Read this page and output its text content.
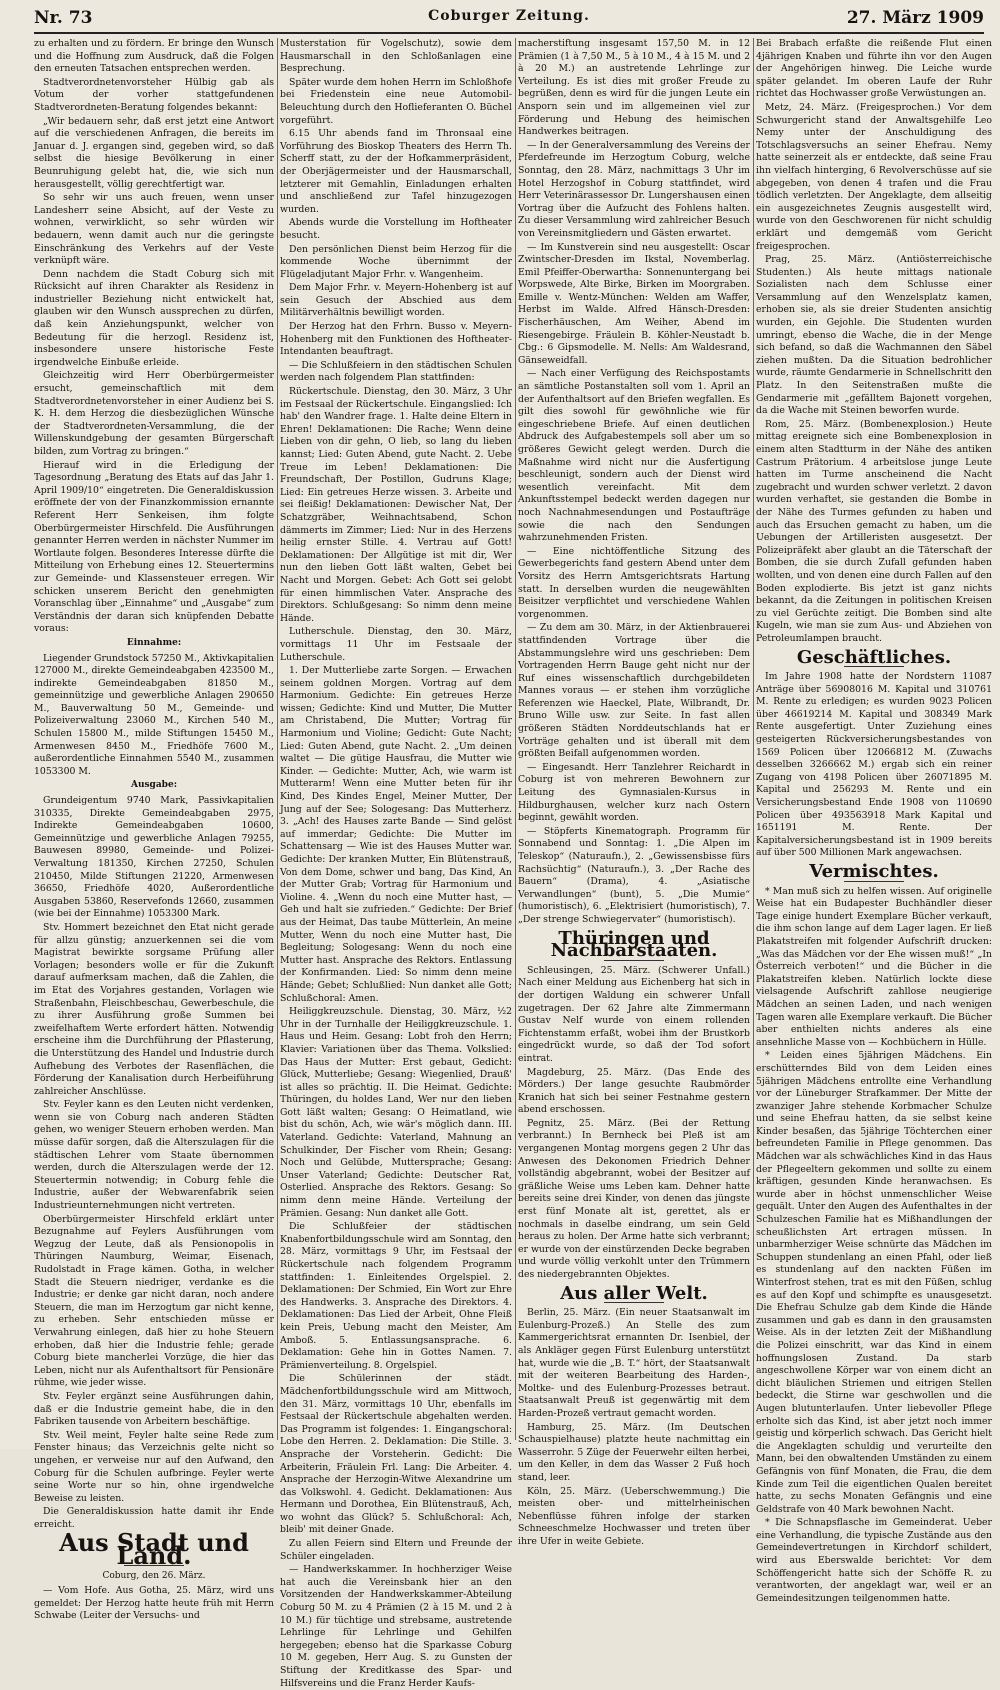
Nr. 73	Coburger Zeitung.	27. März 1909

zu erhalten und zu fördern. Er bringe den Wunsch und die Hoffnung zum Ausdruck, daß die Folgen den erneuten Tatsachen entsprechen werden.

Stadtverordnetenvorsteher Hülbig gab als Votum der vorher stattgefundenen Stadtverordneten-Beratung folgendes bekannt:

„Wir bedauern sehr, daß erst jetzt eine Antwort auf die verschiedenen Anfragen, die bereits im Januar d. J. ergangen sind, gegeben wird, so daß selbst die hiesige Bevölkerung in einer Beunruhigung gelebt hat, die, wie sich nun herausgestellt, völlig gerechtfertigt war.

So sehr wir uns auch freuen, wenn unser Landesherr seine Absicht, auf der Veste zu wohnen, verwirklicht, so sehr würden wir bedauern, wenn damit auch nur die geringste Einschränkung des Verkehrs auf der Veste verknüpft wäre.

Denn nachdem die Stadt Coburg sich mit Rücksicht auf ihren Charakter als Residenz in industrieller Beziehung nicht entwickelt hat, glauben wir den Wunsch aussprechen zu dürfen, daß kein Anziehungspunkt, welcher von Bedeutung für die herzogl. Residenz ist, insbesondere unsere historische Feste irgendwelche Einbuße erleide.

Gleichzeitig wird Herr Oberbürgermeister ersucht, gemeinschaftlich mit dem Stadtverordnetenvorsteher in einer Audienz bei S. K. H. dem Herzog die diesbezüglichen Wünsche der Stadtverordneten-Versammlung, die der Willenskundgebung der gesamten Bürgerschaft bilden, zum Vortrag zu bringen.“

Hierauf wird in die Erledigung der Tagesordnung „Beratung des Etats auf das Jahr 1. April 1909/10“ eingetreten. Die Generaldiskussion eröffnete der von der Finanzkommission ernannte Referent Herr Senkeisen, ihm folgte Oberbürgermeister Hirschfeld. Die Ausführungen genannter Herren werden in nächster Nummer im Wortlaute folgen. Besonderes Interesse dürfte die Mitteilung von Erhebung eines 12. Steuertermins zur Gemeinde- und Klassensteuer erregen. Wir schicken unserem Bericht den genehmigten Voranschlag über „Einnahme“ und „Ausgabe“ zum Verständnis der daran sich knüpfenden Debatte voraus:

Einnahme:

Liegender Grundstock 57250 M., Aktivkapitalien 127000 M., direkte Gemeindeabgaben 423500 M., indirekte Gemeindeabgaben 81850 M., gemeinnützige und gewerbliche Anlagen 290650 M., Bauverwaltung 50 M., Gemeinde- und Polizeiverwaltung 23060 M., Kirchen 540 M., Schulen 15800 M., milde Stiftungen 15450 M., Armenwesen 8450 M., Friedhöfe 7600 M., außerordentliche Einnahmen 5540 M., zusammen 1053300 M.

Ausgabe:

Grundeigentum 9740 Mark, Passivkapitalien 310335, Direkte Gemeindeabgaben 2975, Indirekte Gemeindeabgaben 10600, Gemeinnützige und gewerbliche Anlagen 79255, Bauwesen 89980, Gemeinde- und Polizei-Verwaltung 181350, Kirchen 27250, Schulen 210450, Milde Stiftungen 21220, Armenwesen 36650, Friedhöfe 4020, Außerordentliche Ausgaben 53860, Reservefonds 12660, zusammen (wie bei der Einnahme) 1053300 Mark.

Stv. Hommert bezeichnet den Etat nicht gerade für allzu günstig; anzuerkennen sei die vom Magistrat bewirkte sorgsame Prüfung aller Vorlagen; besonders wolle er für die Zukunft darauf aufmerksam machen, daß die Zahlen, die im Etat des Vorjahres gestanden, Vorlagen wie Straßenbahn, Fleischbeschau, Gewerbeschule, die zu ihrer Ausführung große Summen bei zweifelhaftem Werte erfordert hätten. Notwendig erscheine ihm die Durchführung der Pflasterung, die Unterstützung des Handel und Industrie durch Aufhebung des Verbotes der Rasenflächen, die Förderung der Kanalisation durch Herbeiführung zahlreicher Anschlüsse.

Stv. Feyler kann es den Leuten nicht verdenken, wenn sie von Coburg nach anderen Städten gehen, wo weniger Steuern erhoben werden. Man müsse dafür sorgen, daß die Alterszulagen für die städtischen Lehrer vom Staate übernommen werden, durch die Alterszulagen werde der 12. Steuertermin notwendig; in Coburg fehle die Industrie, außer der Webwarenfabrik seien Industrieunternehmungen nicht vertreten.

Oberbürgermeister Hirschfeld erklärt unter Bezugnahme auf Feylers Ausführungen vom Wegzug der Leute, daß als Pensionopolis in Thüringen Naumburg, Weimar, Eisenach, Rudolstadt in Frage kämen. Gotha, in welcher Stadt die Steuern niedriger, verdanke es die Industrie; er denke gar nicht daran, noch andere Steuern, die man im Herzogtum gar nicht kenne, zu erheben. Sehr entschieden müsse er Verwahrung einlegen, daß hier zu hohe Steuern erhoben, daß hier die Industrie fehle; gerade Coburg biete mancherlei Vorzüge, die hier das Leben, nicht nur als Aufenthaltsort für Pensionäre rühme, wie jeder wisse.

Stv. Feyler ergänzt seine Ausführungen dahin, daß er die Industrie gemeint habe, die in den Fabriken tausende von Arbeitern beschäftige.

Stv. Weil meint, Feyler halte seine Rede zum Fenster hinaus; das Verzeichnis gelte nicht so ungehen, er verweise nur auf den Aufwand, den Coburg für die Schulen aufbringe. Feyler werte seine Worte nur so hin, ohne irgendwelche Beweise zu leisten.

Die Generaldiskussion hatte damit ihr Ende erreicht.

Aus Stadt und Land.
Coburg, den 26. März.

— Vom Hofe. Aus Gotha, 25. März, wird uns gemeldet: Der Herzog hatte heute früh mit Herrn Schwabe (Leiter der Versuchs- und

Musterstation für Vogelschutz), sowie dem Hausmarschall in den Schloßanlagen eine Besprechung.

Später wurde dem hohen Herrn im Schloßhofe bei Friedenstein eine neue Automobil-Beleuchtung durch den Hoflieferanten O. Büchel vorgeführt.

6.15 Uhr abends fand im Thronsaal eine Vorführung des Bioskop Theaters des Herrn Th. Scherff statt, zu der der Hofkammerpräsident, der Oberjägermeister und der Hausmarschall, letzterer mit Gemahlin, Einladungen erhalten und anschließend zur Tafel hinzugezogen wurden.

Abends wurde die Vorstellung im Hoftheater besucht.

Den persönlichen Dienst beim Herzog für die kommende Woche übernimmt der Flügeladjutant Major Frhr. v. Wangenheim.

Dem Major Frhr. v. Meyern-Hohenberg ist auf sein Gesuch der Abschied aus dem Militärverhältnis bewilligt worden.

Der Herzog hat den Frhrn. Busso v. Meyern-Hohenberg mit den Funktionen des Hoftheater-Intendanten beauftragt.

— Die Schlußfeiern in den städtischen Schulen werden nach folgendem Plan stattfinden:

Rückertschule. Dienstag, den 30. März, 3 Uhr im Festsaal der Rückertschule. Eingangslied: Ich hab' den Wandrer frage. 1. Halte deine Eltern in Ehren! Deklamationen: Die Rache; Wenn deine Lieben von dir gehn, O lieb, so lang du lieben kannst; Lied: Guten Abend, gute Nacht. 2. Uebe Treue im Leben! Deklamationen: Die Freundschaft, Der Postillon, Gudruns Klage; Lied: Ein getreues Herze wissen. 3. Arbeite und sei fleißig! Deklamationen: Dewischer Nat, Der Schatzgräber, Weihnachtsabend, Schon dämmerts im Zimmer; Lied: Nur in des Herzens heilig ernster Stille. 4. Vertrau auf Gott! Deklamationen: Der Allgütige ist mit dir, Wer nun den lieben Gott läßt walten, Gebet bei Nacht und Morgen. Gebet: Ach Gott sei gelobt für einen himmlischen Vater. Ansprache des Direktors. Schlußgesang: So nimm denn meine Hände.

Lutherschule. Dienstag, den 30. März, vormittags 11 Uhr im Festsaale der Lutherschule.

1. Der Mutterliebe zarte Sorgen. — Erwachen seinem goldnen Morgen. Vortrag auf dem Harmonium. Gedichte: Ein getreues Herze wissen; Gedichte: Kind und Mutter, Die Mutter am Christabend, Die Mutter; Vortrag für Harmonium und Violine; Gedicht: Gute Nacht; Lied: Guten Abend, gute Nacht. 2. „Um deinen waltet — Die gütige Hausfrau, die Mutter wie Kinder. — Gedichte: Mutter, Ach, wie warm ist Mutterarm! Wenn eine Mutter beten für ihr Kind, Des Kindes Engel, Meiner Mutter, Der Jung auf der See; Sologesang: Das Mutterherz. 3. „Ach! des Hauses zarte Bande — Sind gelöst auf immerdar; Gedichte: Die Mutter im Schattensarg — Wie ist des Hauses Mutter war. Gedichte: Der kranken Mutter, Ein Blütenstrauß, Von dem Dome, schwer und bang, Das Kind, An der Mutter Grab; Vortrag für Harmonium und Violine. 4. „Wenn du noch eine Mutter hast, — Geh und halt sie zufrieden.“ Gedichte: Der Brief aus der Heimat, Das taube Mütterlein, An meine Mutter, Wenn du noch eine Mutter hast, Die Begleitung; Sologesang: Wenn du noch eine Mutter hast. Ansprache des Rektors. Entlassung der Konfirmanden. Lied: So nimm denn meine Hände; Gebet; Schlußlied: Nun danket alle Gott; Schlußchoral: Amen.

Heiliggkreuzschule. Dienstag, 30. März, ½2 Uhr in der Turnhalle der Heiliggkreuzschule. 1. Haus und Heim. Gesang: Lobt froh den Herrn; Klavier: Variationen über das Thema. Volkslied: Das Haus der Mutter: Erst gebaut, Gedicht: Glück, Mutterliebe; Gesang: Wiegenlied, Drauß' ist alles so prächtig. II. Die Heimat. Gedichte: Thüringen, du holdes Land, Wer nur den lieben Gott läßt walten; Gesang: O Heimatland, wie bist du schön, Ach, wie wär's möglich dann. III. Vaterland. Gedichte: Vaterland, Mahnung an Schulkinder, Der Fischer vom Rhein; Gesang: Noch und Gelübde, Muttersprache; Gesang: Unser Vaterland; Gedichte: Deutscher Rat, Osterlied. Ansprache des Rektors. Gesang: So nimm denn meine Hände. Verteilung der Prämien. Gesang: Nun danket alle Gott.

Die Schlußfeier der städtischen Knabenfortbildungsschule wird am Sonntag, den 28. März, vormittags 9 Uhr, im Festsaal der Rückertschule nach folgendem Programm stattfinden: 1. Einleitendes Orgelspiel. 2. Deklamationen: Der Schmied, Ein Wort zur Ehre des Handwerks. 3. Ansprache des Direktors. 4. Deklamationen: Das Lied der Arbeit, Ohne Fleiß kein Preis, Uebung macht den Meister, Am Amboß. 5. Entlassungsansprache. 6. Deklamation: Gehe hin in Gottes Namen. 7. Prämienverteilung. 8. Orgelspiel.

Die Schülerinnen der städt. Mädchenfortbildungsschule wird am Mittwoch, den 31. März, vormittags 10 Uhr, ebenfalls im Festsaal der Rückertschule abgehalten werden. Das Programm ist folgendes: 1. Eingangschoral: Lobe den Herren. 2. Deklamation: Die Stille. 3. Ansprache der Vorsteherin. Gedicht: Die Arbeiterin, Fräulein Frl. Lang: Die Arbeiter. 4. Ansprache der Herzogin-Witwe Alexandrine um das Volkswohl. 4. Gedicht. Deklamationen: Aus Hermann und Dorothea, Ein Blütenstrauß, Ach, wo wohnt das Glück? 5. Schlußchoral: Ach, bleib' mit deiner Gnade.

Zu allen Feiern sind Eltern und Freunde der Schüler eingeladen.

— Handwerkskammer. In hochherziger Weise hat auch die Vereinsbank hier an den Vorsitzenden der Handwerkskammer-Abteilung Coburg 50 M. zu 4 Prämien (2 à 15 M. und 2 à 10 M.) für tüchtige und strebsame, austretende Lehrlinge für Lehrlinge und Gehilfen hergegeben; ebenso hat die Sparkasse Coburg 10 M. gegeben, Herr Aug. S. zu Gunsten der Stiftung der Kreditkasse des Spar- und Hilfsvereins und die Franz Herder Kaufs-

macherstiftung insgesamt 157,50 M. in 12 Prämien (1 à 7,50 M., 5 à 10 M., 4 à 15 M. und 2 à 20 M.) an austretende Lehrlinge zur Verteilung. Es ist dies mit großer Freude zu begrüßen, denn es wird für die jungen Leute ein Ansporn sein und im allgemeinen viel zur Förderung und Hebung des heimischen Handwerkes beitragen.

— In der Generalversammlung des Vereins der Pferdefreunde im Herzogtum Coburg, welche Sonntag, den 28. März, nachmittags 3 Uhr im Hotel Herzogshof in Coburg stattfindet, wird Herr Veterinärassessor Dr. Lungershausen einen Vortrag über die Aufzucht des Fohlens halten. Zu dieser Versammlung wird zahlreicher Besuch von Vereinsmitgliedern und Gästen erwartet.

— Im Kunstverein sind neu ausgestellt: Oscar Zwintscher-Dresden im Ikstal, Novemberlag. Emil Pfeiffer-Oberwartha: Sonnenuntergang bei Worpswede, Alte Birke, Birken im Moorgraben. Emille v. Wentz-München: Welden am Waffer, Herbst im Walde. Alfred Hänsch-Dresden: Fischerhäuschen, Am Weiher, Abend im Riesengebirge. Fräulein B. Köhler-Neustadt b. Cbg.: 6 Gipsmodelle. M. Nells: Am Waldesrand, Gänseweidfall.

— Nach einer Verfügung des Reichspostamts an sämtliche Postanstalten soll vom 1. April an der Aufenthaltsort auf den Briefen wegfallen. Es gilt dies sowohl für gewöhnliche wie für eingeschriebene Briefe. Auf einen deutlichen Abdruck des Aufgabestempels soll aber um so größeres Gewicht gelegt werden. Durch die Maßnahme wird nicht nur die Ausfertigung beschleunigt, sondern auch der Dienst wird wesentlich vereinfacht. Mit dem Ankunftsstempel bedeckt werden dagegen nur noch Nachnahmesendungen und Postaufträge sowie die nach den Sendungen wahrzunehmenden Fristen.

— Eine nichtöffentliche Sitzung des Gewerbegerichts fand gestern Abend unter dem Vorsitz des Herrn Amtsgerichtsrats Hartung statt. In derselben wurden die neugewählten Beisitzer verpflichtet und verschiedene Wahlen vorgenommen.

— Zu dem am 30. März, in der Aktienbrauerei stattfindenden Vortrage über die Abstammungslehre wird uns geschrieben: Dem Vortragenden Herrn Bauge geht nicht nur der Ruf eines wissenschaftlich durchgebildeten Mannes voraus — er stehen ihm vorzügliche Referenzen wie Haeckel, Plate, Wilbrandt, Dr. Bruno Wille usw. zur Seite. In fast allen größeren Städten Norddeutschlands hat er Vorträge gehalten und ist überall mit dem größten Beifall aufgenommen worden.

— Eingesandt. Herr Tanzlehrer Reichardt in Coburg ist von mehreren Bewohnern zur Leitung des Gymnasialen-Kursus in Hildburghausen, welcher kurz nach Ostern beginnt, gewählt worden.

— Stöpferts Kinematograph. Programm für Sonnabend und Sonntag: 1. „Die Alpen im Teleskop“ (Naturaufn.), 2. „Gewissensbisse fürs Rachsüchtig“ (Naturaufn.), 3. „Der Rache des Bauern“ (Drama), 4. „Asiatische Verwandlungen“ (bunt), 5. „Die Mumie“ (humoristisch), 6. „Elektrisiert (humoristisch), 7. „Der strenge Schwiegervater“ (humoristisch).

Thüringen und Nachbarstaaten.

Schleusingen, 25. März. (Schwerer Unfall.) Nach einer Meldung aus Eichenberg hat sich in der dortigen Waldung ein schwerer Unfall zugetragen. Der 62 Jahre alte Zimmermann Gustav Nelf wurde von einem rollenden Fichtenstamm erfaßt, wobei ihm der Brustkorb eingedrückt wurde, so daß der Tod sofort eintrat.

Magdeburg, 25. März. (Das Ende des Mörders.) Der lange gesuchte Raubmörder Kranich hat sich bei seiner Festnahme gestern abend erschossen.

Pegnitz, 25. März. (Bei der Rettung verbrannt.) In Bernheck bei Pleß ist am vergangenen Montag morgens gegen 2 Uhr das Anwesen des Dekonomen Friedrich Dehner vollständig abgebrannt, wobei der Besitzer auf gräßliche Weise ums Leben kam. Dehner hatte bereits seine drei Kinder, von denen das jüngste erst fünf Monate alt ist, gerettet, als er nochmals in daselbe eindrang, um sein Geld heraus zu holen. Der Arme hatte sich verbrannt; er wurde von der einstürzenden Decke begraben und wurde völlig verkohlt unter den Trümmern des niedergebrannten Objektes.

Aus aller Welt.

Berlin, 25. März. (Ein neuer Staatsanwalt im Eulenburg-Prozeß.) An Stelle des zum Kammergerichtsrat ernannten Dr. Isenbiel, der als Ankläger gegen Fürst Eulenburg unterstützt hat, wurde wie die „B. T.“ hört, der Staatsanwalt mit der weiteren Bearbeitung des Harden-, Moltke- und des Eulenburg-Prozesses betraut. Staatsanwalt Preuß ist gegenwärtig mit dem Harden-Prozeß vertraut gemacht worden.

Hamburg, 25. März. (Im Deutschen Schauspielhause) platzte heute nachmittag ein Wasserrohr. 5 Züge der Feuerwehr eilten herbei, um den Keller, in dem das Wasser 2 Fuß hoch stand, leer.

Köln, 25. März. (Ueberschwemmung.) Die meisten ober- und mittelrheinischen Nebenflüsse führen infolge der starken Schneeschmelze Hochwasser und treten über ihre Ufer in weite Gebiete.

Bei Brabach erfaßte die reißende Flut einen 4jährigen Knaben und führte ihn vor den Augen der Angehörigen hinweg. Die Leiche wurde später gelandet. Im oberen Laufe der Ruhr richtet das Hochwasser große Verwüstungen an.

Metz, 24. März. (Freigesprochen.) Vor dem Schwurgericht stand der Anwaltsgehilfe Leo Nemy unter der Anschuldigung des Totschlagsversuchs an seiner Ehefrau. Nemy hatte seinerzeit als er entdeckte, daß seine Frau ihn vielfach hinterging, 6 Revolverschüsse auf sie abgegeben, von denen 4 trafen und die Frau tödlich verletzten. Der Angeklagte, dem allseitig ein ausgezeichnetes Zeugnis ausgestellt wird, wurde von den Geschworenen für nicht schuldig erklärt und demgemäß vom Gericht freigesprochen.

Prag, 25. März. (Antiösterreichische Studenten.) Als heute mittags nationale Sozialisten nach dem Schlusse einer Versammlung auf den Wenzelsplatz kamen, erhoben sie, als sie dreier Studenten ansichtig wurden, ein Gejohle. Die Studenten wurden umringt, ebenso die Wache, die in der Menge sich befand, so daß die Wachmannen den Säbel ziehen mußten. Da die Situation bedrohlicher wurde, räumte Gendarmerie in Schnellschritt den Platz. In den Seitenstraßen mußte die Gendarmerie mit „gefälltem Bajonett vorgehen, da die Wache mit Steinen beworfen wurde.

Rom, 25. März. (Bombenexplosion.) Heute mittag ereignete sich eine Bombenexplosion in einem alten Stadtturm in der Nähe des antiken Castrum Prätorium. 4 arbeitslose junge Leute hatten im Turme anscheinend die Nacht zugebracht und wurden schwer verletzt. 2 davon wurden verhaftet, sie gestanden die Bombe in der Nähe des Turmes gefunden zu haben und auch das Ersuchen gemacht zu haben, um die Uebungen der Artilleristen ausgesetzt. Der Polizeipräfekt aber glaubt an die Täterschaft der Bomben, die sie durch Zufall gefunden haben wollten, und von denen eine durch Fallen auf den Boden explodierte. Bis jetzt ist ganz nichts bekannt, da die Zeitungen in politischen Kreisen zu viel Gerüchte zeitigt. Die Bomben sind alte Kugeln, wie man sie zum Aus- und Abziehen von Petroleumlampen braucht.

Geschäftliches.

Im Jahre 1908 hatte der Nordstern 11087 Anträge über 56908016 M. Kapital und 310761 M. Rente zu erledigen; es wurden 9023 Policen über 46619214 M. Kapital und 308349 Mark Rente ausgefertigt. Unter Zuziehung eines gesteigerten Rückversicherungsbestandes von 1569 Policen über 12066812 M. (Zuwachs desselben 3266662 M.) ergab sich ein reiner Zugang von 4198 Policen über 26071895 M. Kapital und 256293 M. Rente und ein Versicherungsbestand Ende 1908 von 110690 Policen über 493563918 Mark Kapital und 1651191 M. Rente. Der Kapitalversicherungsbestand ist in 1909 bereits auf über 500 Millionen Mark angewachsen.

Vermischtes.

* Man muß sich zu helfen wissen. Auf originelle Weise hat ein Budapester Buchhändler dieser Tage einige hundert Exemplare Bücher verkauft, die ihm schon lange auf dem Lager lagen. Er ließ Plakatstreifen mit folgender Aufschrift drucken: „Was das Mädchen vor der Ehe wissen muß!“ „In Österreich verboten!“ und die Bücher in die Plakatstreifen kleben. Natürlich lockte diese vielsagende Aufschrift zahllose neugierige Mädchen an seinen Laden, und nach wenigen Tagen waren alle Exemplare verkauft. Die Bücher aber enthielten nichts anderes als eine ansehnliche Masse von — Kochbüchern in Hülle.

* Leiden eines 5jährigen Mädchens. Ein erschütterndes Bild von dem Leiden eines 5jährigen Mädchens entrollte eine Verhandlung vor der Lüneburger Strafkammer. Der Mitte der zwanziger Jahre stehende Korbmacher Schulze und seine Ehefrau hatten, da sie selbst keine Kinder besaßen, das 5jährige Töchterchen einer befreundeten Familie in Pflege genommen. Das Mädchen war als schwächliches Kind in das Haus der Pflegeeltern gekommen und sollte zu einem kräftigen, gesunden Kinde heranwachsen. Es wurde aber in höchst unmenschlicher Weise gequält. Unter den Augen des Aufenthaltes in der Schulzeschen Familie hat es Mißhandlungen der scheußlichsten Art ertragen müssen. In unbarmherziger Weise schnürte das Mädchen im Schuppen stundenlang an einen Pfahl, oder ließ es stundenlang auf den nackten Füßen im Winterfrost stehen, trat es mit den Füßen, schlug es auf den Kopf und schimpfte es unausgesetzt. Die Ehefrau Schulze gab dem Kinde die Hände zusammen und gab es dann in den grausamsten Weise. Als in der letzten Zeit der Mißhandlung die Polizei einschritt, war das Kind in einem hoffnungslosen Zustand. Da starb angeschwollene Körper war von einem dicht an dicht bläulichen Striemen und eitrigen Stellen bedeckt, die Stirne war geschwollen und die Augen blutunterlaufen. Unter liebevoller Pflege erholte sich das Kind, ist aber jetzt noch immer geistig und körperlich schwach. Das Gericht hielt die Angeklagten schuldig und verurteilte den Mann, bei den obwaltenden Umständen zu einem Gefängnis von fünf Monaten, die Frau, die dem Kinde zum Teil die eigentlichen Qualen bereitet hatte, zu sechs Monaten Gefängnis und eine Geldstrafe von 40 Mark bewohnen Nacht.

* Die Schnapsflasche im Gemeinderat. Ueber eine Verhandlung, die typische Zustände aus den Gemeindevertretungen in Kirchdorf schildert, wird aus Eberswalde berichtet: Vor dem Schöffengericht hatte sich der Schöffe R. zu verantworten, der angeklagt war, weil er an Gemeindesitzungen teilgenommen hatte.
